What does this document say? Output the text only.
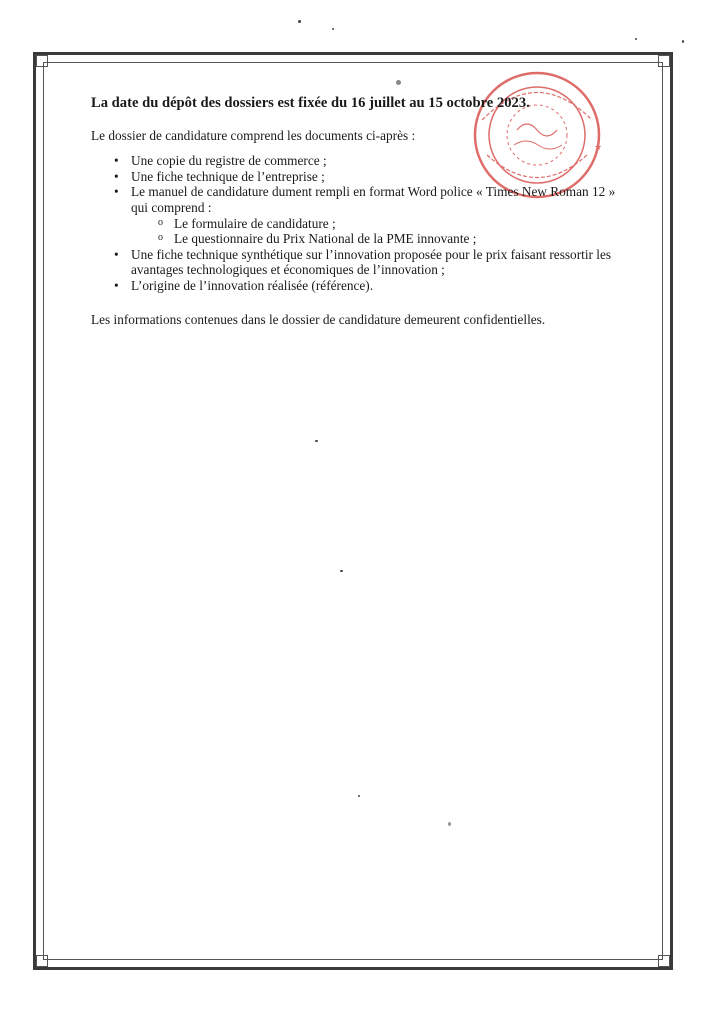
★

La date du dépôt des dossiers est fixée du 16 juillet au 15 octobre 2023.

Le dossier de candidature comprend les documents ci-après :

• Une copie du registre de commerce ;
• Une fiche technique de l’entreprise ;
• Le manuel de candidature dument rempli en format Word police « Times New Roman 12 » qui comprend :
o Le formulaire de candidature ;
o Le questionnaire du Prix National de la PME innovante ;
• Une fiche technique synthétique sur l’innovation proposée pour le prix faisant ressortir les avantages technologiques et économiques de l’innovation ;
• L’origine de l’innovation réalisée (référence).

Les informations contenues dans le dossier de candidature demeurent confidentielles.
